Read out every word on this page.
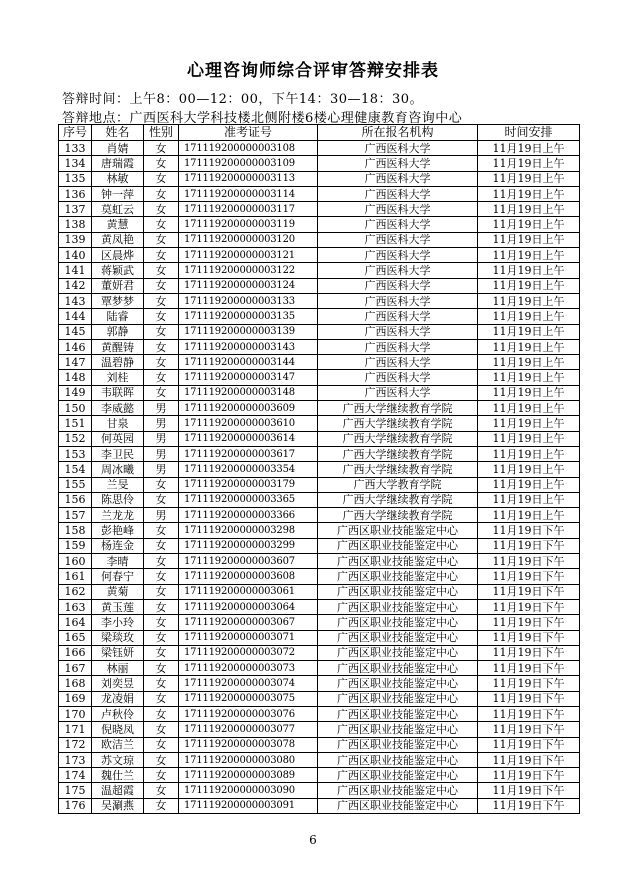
心理咨询师综合评审答辩安排表
答辩时间：上午8：00—12：00，下午14：30—18：30。
答辩地点：广西医科大学科技楼北侧附楼6楼心理健康教育咨询中心
序号	姓名	性别	准考证号	所在报名机构	时间安排
133	肖婧	女	171119200000003108	广西医科大学	11月19日上午
134	唐瑞霞	女	171119200000003109	广西医科大学	11月19日上午
135	林敏	女	171119200000003113	广西医科大学	11月19日上午
136	钟一萍	女	171119200000003114	广西医科大学	11月19日上午
137	莫虹云	女	171119200000003117	广西医科大学	11月19日上午
138	黄慧	女	171119200000003119	广西医科大学	11月19日上午
139	黄凤艳	女	171119200000003120	广西医科大学	11月19日上午
140	区晨烨	女	171119200000003121	广西医科大学	11月19日上午
141	蒋颖武	女	171119200000003122	广西医科大学	11月19日上午
142	董妍君	女	171119200000003124	广西医科大学	11月19日上午
143	覃梦梦	女	171119200000003133	广西医科大学	11月19日上午
144	陆睿	女	171119200000003135	广西医科大学	11月19日上午
145	郭静	女	171119200000003139	广西医科大学	11月19日上午
146	黄醒铸	女	171119200000003143	广西医科大学	11月19日上午
147	温碧静	女	171119200000003144	广西医科大学	11月19日上午
148	刘桂	女	171119200000003147	广西医科大学	11月19日上午
149	韦联晖	女	171119200000003148	广西医科大学	11月19日上午
150	李威懿	男	171119200000003609	广西大学继续教育学院	11月19日上午
151	甘泉	男	171119200000003610	广西大学继续教育学院	11月19日上午
152	何英园	男	171119200000003614	广西大学继续教育学院	11月19日上午
153	李卫民	男	171119200000003617	广西大学继续教育学院	11月19日上午
154	周冰曦	男	171119200000003354	广西大学继续教育学院	11月19日上午
155	兰旻	女	171119200000003179	广西大学教育学院	11月19日上午
156	陈思伶	女	171119200000003365	广西大学继续教育学院	11月19日上午
157	兰龙龙	男	171119200000003366	广西大学继续教育学院	11月19日上午
158	彭艳峰	女	171119200000003298	广西区职业技能鉴定中心	11月19日下午
159	杨连金	女	171119200000003299	广西区职业技能鉴定中心	11月19日下午
160	李晴	女	171119200000003607	广西区职业技能鉴定中心	11月19日下午
161	何春宁	女	171119200000003608	广西区职业技能鉴定中心	11月19日下午
162	黄菊	女	171119200000003061	广西区职业技能鉴定中心	11月19日下午
163	黄玉莲	女	171119200000003064	广西区职业技能鉴定中心	11月19日下午
164	李小玲	女	171119200000003067	广西区职业技能鉴定中心	11月19日下午
165	梁琰玫	女	171119200000003071	广西区职业技能鉴定中心	11月19日下午
166	梁钰妍	女	171119200000003072	广西区职业技能鉴定中心	11月19日下午
167	林丽	女	171119200000003073	广西区职业技能鉴定中心	11月19日下午
168	刘奕昱	女	171119200000003074	广西区职业技能鉴定中心	11月19日下午
169	龙凌娟	女	171119200000003075	广西区职业技能鉴定中心	11月19日下午
170	卢秋伶	女	171119200000003076	广西区职业技能鉴定中心	11月19日下午
171	倪晓凤	女	171119200000003077	广西区职业技能鉴定中心	11月19日下午
172	欧洁兰	女	171119200000003078	广西区职业技能鉴定中心	11月19日下午
173	苏文琼	女	171119200000003080	广西区职业技能鉴定中心	11月19日下午
174	魏仕兰	女	171119200000003089	广西区职业技能鉴定中心	11月19日下午
175	温超霞	女	171119200000003090	广西区职业技能鉴定中心	11月19日下午
176	吴涮燕	女	171119200000003091	广西区职业技能鉴定中心	11月19日下午
6
